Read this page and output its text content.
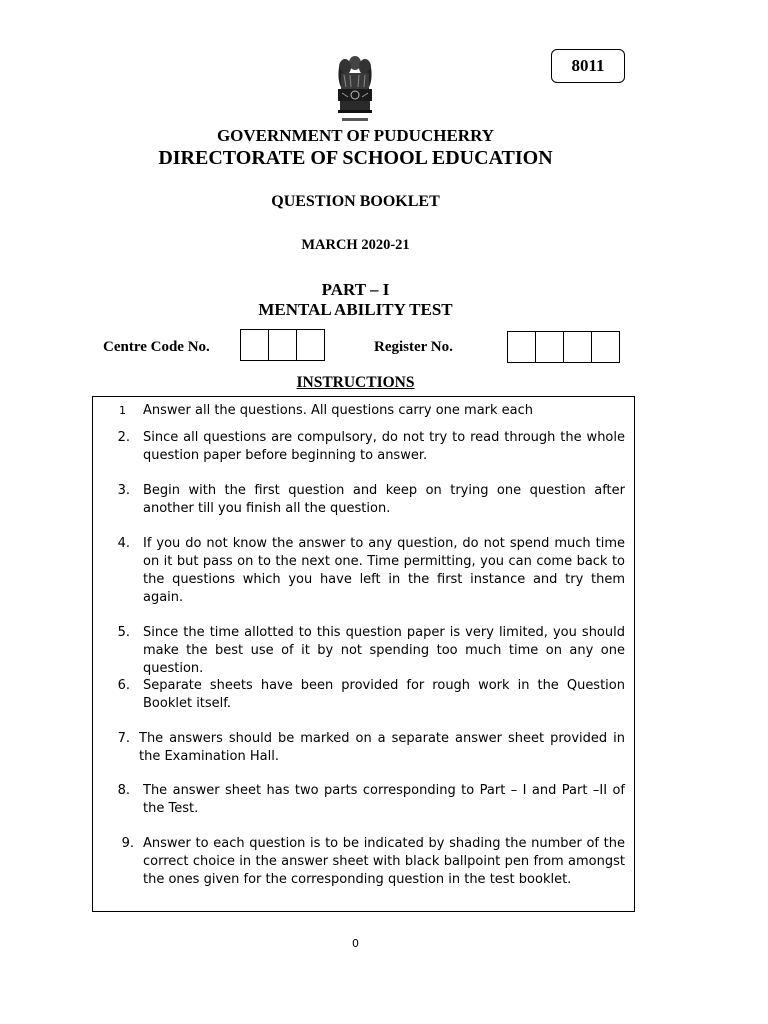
8011
GOVERNMENT OF PUDUCHERRY
DIRECTORATE OF SCHOOL EDUCATION
QUESTION BOOKLET
MARCH 2020-21
PART – I
MENTAL ABILITY TEST
Centre Code No.	Register No.
INSTRUCTIONS
1 Answer all the questions. All questions carry one mark each
2. Since all questions are compulsory, do not try to read through the whole question paper before beginning to answer.
3. Begin with the first question and keep on trying one question after another till you finish all the question.
4. If you do not know the answer to any question, do not spend much time on it but pass on to the next one. Time permitting, you can come back to the questions which you have left in the first instance and try them again.
5. Since the time allotted to this question paper is very limited, you should make the best use of it by not spending too much time on any one question.
6. Separate sheets have been provided for rough work in the Question Booklet itself.
7. The answers should be marked on a separate answer sheet provided in the Examination Hall.
8. The answer sheet has two parts corresponding to Part – I and Part –II of the Test.
9. Answer to each question is to be indicated by shading the number of the correct choice in the answer sheet with black ballpoint pen from amongst the ones given for the corresponding question in the test booklet.
0
